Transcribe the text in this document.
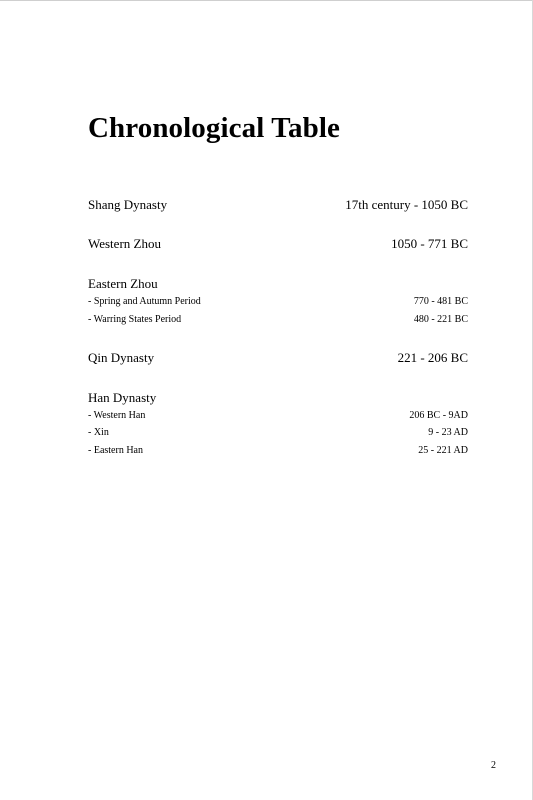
Chronological Table
Shang Dynasty	17th century - 1050 BC
Western Zhou	1050 - 771 BC
Eastern Zhou
- Spring and Autumn Period	770 - 481 BC
- Warring States Period	480 - 221 BC
Qin Dynasty	221 - 206 BC
Han Dynasty
- Western Han	206 BC - 9AD
- Xin	9 - 23 AD
- Eastern Han	25 - 221 AD
2
